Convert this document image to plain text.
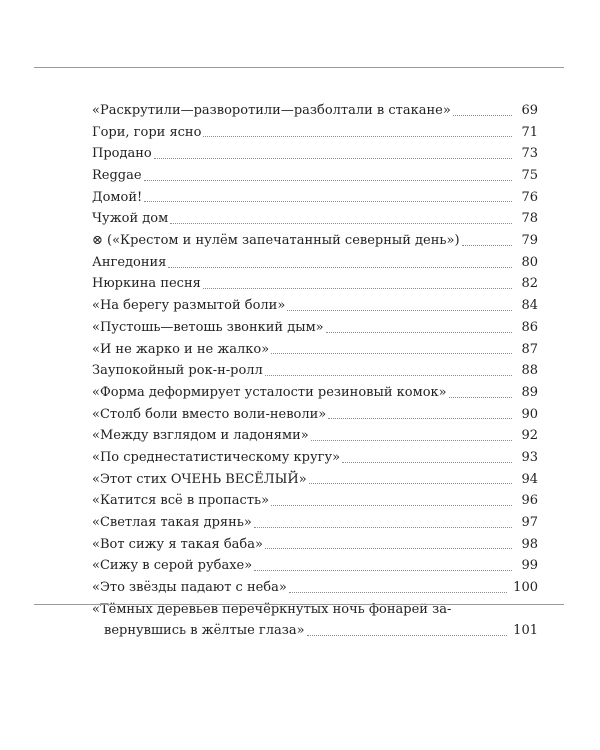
«Раскрутили—разворотили—разболтали в стакане»	69
Гори, гори ясно	71
Продано	73
Reggae	75
Домой!	76
Чужой дом	78
⊗ («Крестом и нулём запечатанный северный день»)	79
Ангедония	80
Нюркина песня	82
«На берегу размытой боли»	84
«Пустошь—ветошь звонкий дым»	86
«И не жарко и не жалко»	87
Заупокойный рок-н-ролл	88
«Форма деформирует усталости резиновый комок»	89
«Столб боли вместо воли-неволи»	90
«Между взглядом и ладонями»	92
«По среднестатистическому кругу»	93
«Этот стих ОЧЕНЬ ВЕСЁЛЫЙ»	94
«Катится всё в пропасть»	96
«Светлая такая дрянь»	97
«Вот сижу я такая баба»	98
«Сижу в серой рубахе»	99
«Это звёзды падают с неба»	100
«Тёмных деревьев перечёркнутых ночь фонарей за-
вернувшись в жёлтые глаза»	101
